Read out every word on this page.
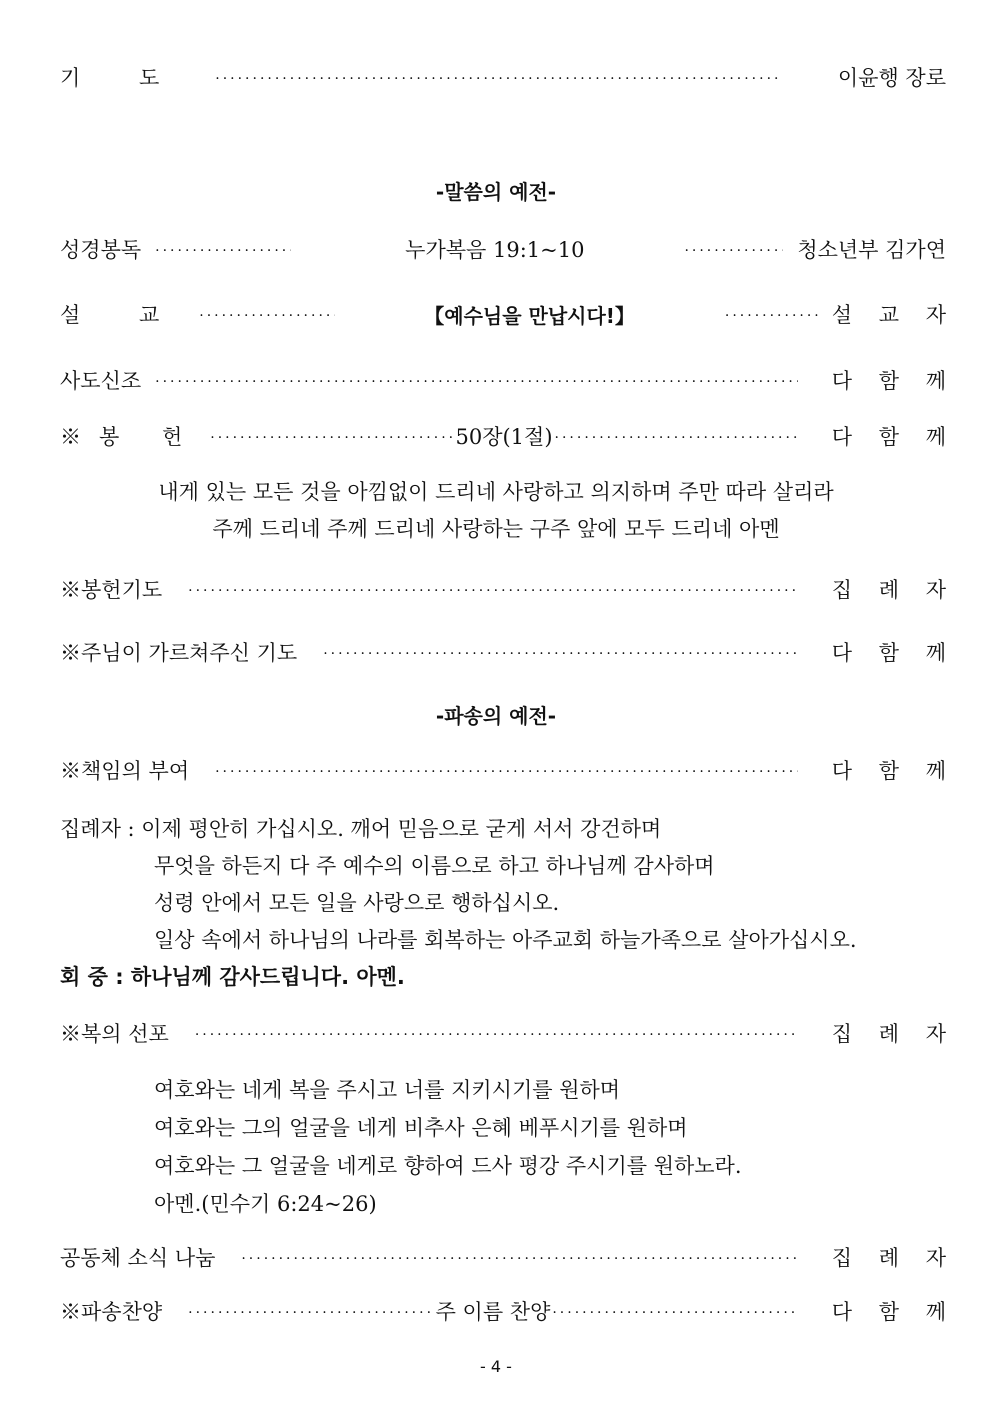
기 도 ·····	이윤행 장로
-말씀의 예전-
성경봉독 ·····	누가복음 19:1~10 ·····	청소년부 김가연
설 교 ·····	【예수님을 만납시다!】 ·····	설 교 자
사도신조 ·····	다 함 께
※봉 헌 ·····	50장(1절) ·····	다 함 께
내게 있는 모든 것을 아낌없이 드리네 사랑하고 의지하며 주만 따라 살리라
주께 드리네 주께 드리네 사랑하는 구주 앞에 모두 드리네 아멘
※봉헌기도 ·····	집 례 자
※주님이 가르쳐주신 기도 ·····	다 함 께
-파송의 예전-
※책임의 부여 ·····	다 함 께
집례자 : 이제 평안히 가십시오. 깨어 믿음으로 굳게 서서 강건하며
무엇을 하든지 다 주 예수의 이름으로 하고 하나님께 감사하며
성령 안에서 모든 일을 사랑으로 행하십시오.
일상 속에서 하나님의 나라를 회복하는 아주교회 하늘가족으로 살아가십시오.
회 중 : 하나님께 감사드립니다. 아멘.
※복의 선포 ·····	집 례 자
여호와는 네게 복을 주시고 너를 지키시기를 원하며
여호와는 그의 얼굴을 네게 비추사 은혜 베푸시기를 원하며
여호와는 그 얼굴을 네게로 향하여 드사 평강 주시기를 원하노라.
아멘.(민수기 6:24~26)
공동체 소식 나눔 ·····	집 례 자
※파송찬양 ·····	주 이름 찬양 ·····	다 함 께
- 4 -
